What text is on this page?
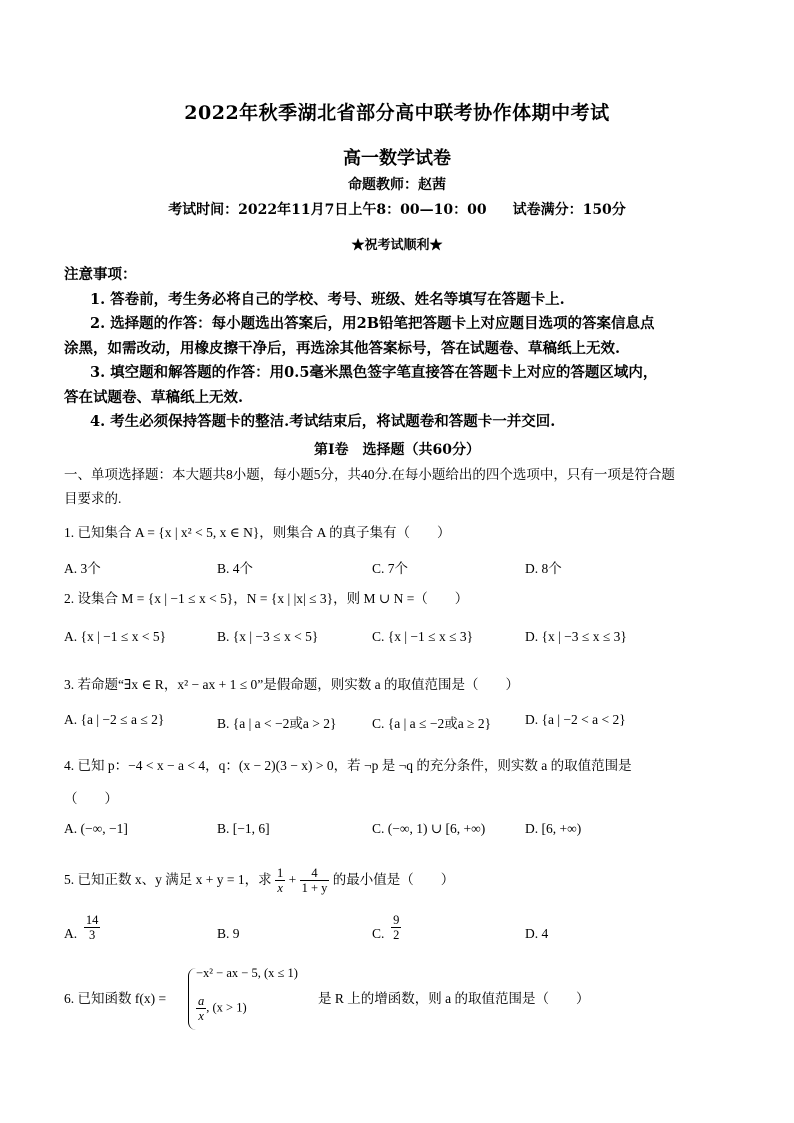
2022年秋季湖北省部分高中联考协作体期中考试
高一数学试卷
命题教师：赵茜
考试时间：2022年11月7日上午8：00—10：00 试卷满分：150分
★祝考试顺利★
注意事项：
1. 答卷前，考生务必将自己的学校、考号、班级、姓名等填写在答题卡上.
2. 选择题的作答：每小题选出答案后，用2B铅笔把答题卡上对应题目选项的答案信息点
涂黑，如需改动，用橡皮擦干净后，再选涂其他答案标号，答在试题卷、草稿纸上无效.
3. 填空题和解答题的作答：用0.5毫米黑色签字笔直接答在答题卡上对应的答题区域内，
答在试题卷、草稿纸上无效.
4. 考生必须保持答题卡的整洁.考试结束后，将试题卷和答题卡一并交回.
第Ⅰ卷　选择题（共60分）
一、单项选择题：本大题共8小题，每小题5分，共40分.在每小题给出的四个选项中，只有一项是符合题
目要求的.
1. 已知集合 A = {x | x² < 5, x ∈ N}，则集合 A 的真子集有（　　）
A. 3个	B. 4个	C. 7个	D. 8个
2. 设集合 M = {x | −1 ≤ x < 5}，N = {x | |x| ≤ 3}，则 M ∪ N =（　　）
A. {x | −1 ≤ x < 5}	B. {x | −3 ≤ x < 5}	C. {x | −1 ≤ x ≤ 3}	D. {x | −3 ≤ x ≤ 3}
3. 若命题“∃x ∈ R，x² − ax + 1 ≤ 0”是假命题，则实数 a 的取值范围是（　　）
A. {a | −2 ≤ a ≤ 2}	B. {a | a < −2或a > 2}	C. {a | a ≤ −2或a ≥ 2}	D. {a | −2 < a < 2}
4. 已知 p：−4 < x − a < 4，q：(x − 2)(3 − x) > 0，若 ¬p 是 ¬q 的充分条件，则实数 a 的取值范围是
（　　）
A. (−∞, −1]	B. [−1, 6]	C. (−∞, 1) ∪ [6, +∞)	D. [6, +∞)
5. 已知正数 x、y 满足 x + y = 1，求 $\frac{1}{x} + \frac{4}{1 + y}$ 的最小值是（　　）
A. $\frac{14}{3}$	B. 9	C. $\frac{9}{2}$	D. 4
6. 已知函数 f(x) =
−x² − ax − 5, (x ≤ 1)
$\frac{a}{x}$ , (x > 1)
是 R 上的增函数，则 a 的取值范围是（　　）
